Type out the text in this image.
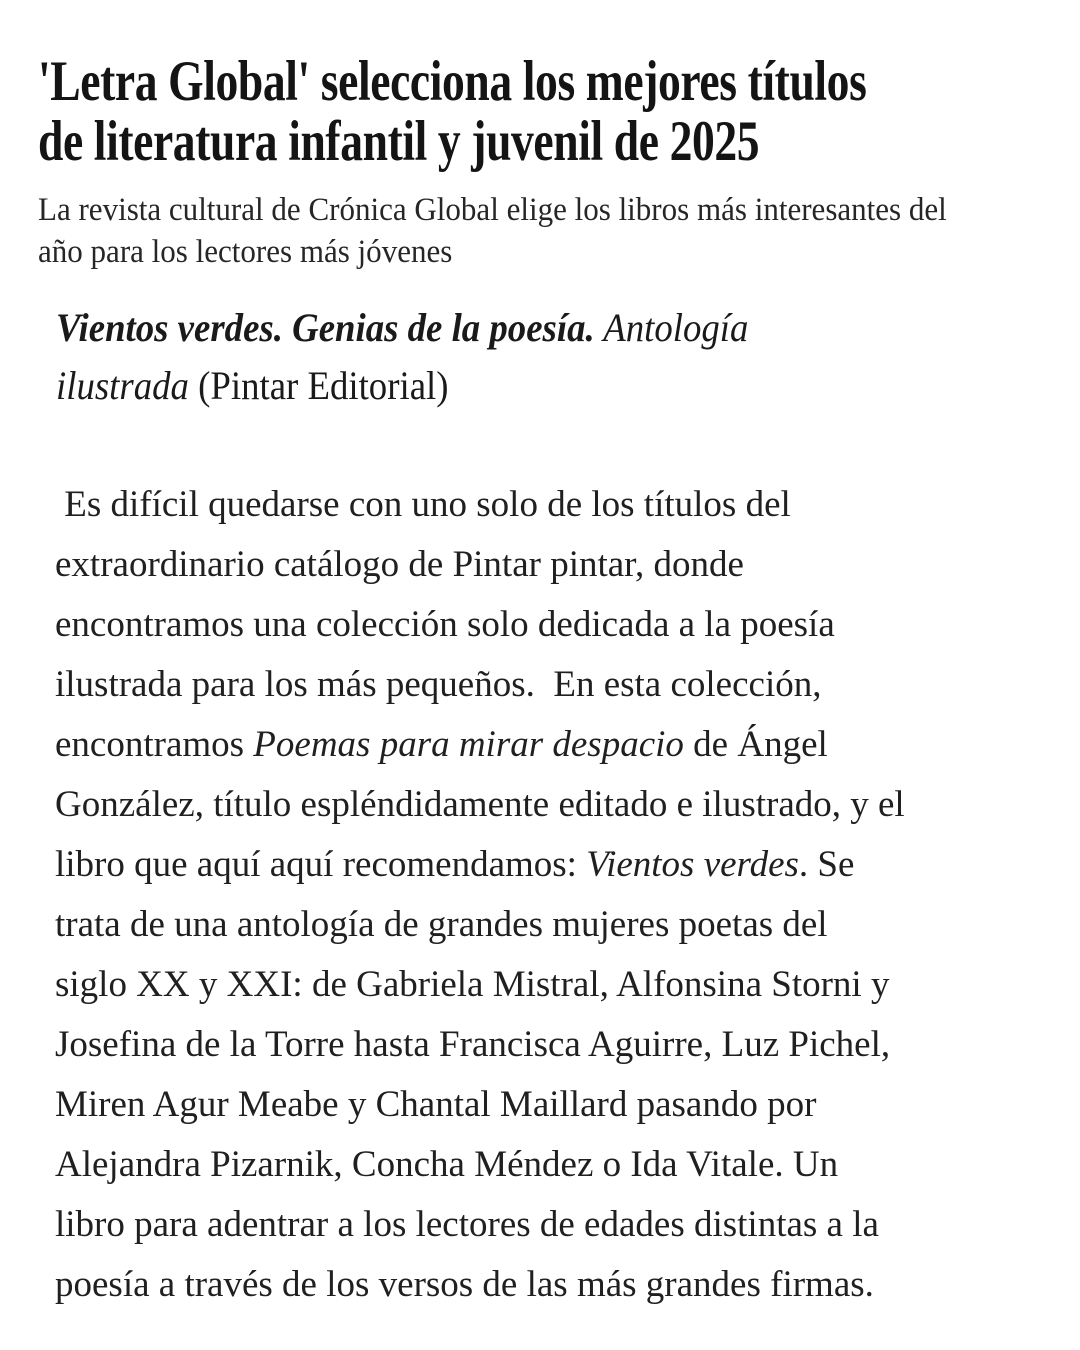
'Letra Global' selecciona los mejores títulos
de literatura infantil y juvenil de 2025
La revista cultural de Crónica Global elige los libros más interesantes del
año para los lectores más jóvenes
Vientos verdes. Genias de la poesía. Antología
ilustrada (Pintar Editorial)
Es difícil quedarse con uno solo de los títulos del
extraordinario catálogo de Pintar pintar, donde
encontramos una colección solo dedicada a la poesía
ilustrada para los más pequeños.  En esta colección,
encontramos Poemas para mirar despacio de Ángel
González, título espléndidamente editado e ilustrado, y el
libro que aquí aquí recomendamos: Vientos verdes. Se
trata de una antología de grandes mujeres poetas del
siglo XX y XXI: de Gabriela Mistral, Alfonsina Storni y
Josefina de la Torre hasta Francisca Aguirre, Luz Pichel,
Miren Agur Meabe y Chantal Maillard pasando por
Alejandra Pizarnik, Concha Méndez o Ida Vitale. Un
libro para adentrar a los lectores de edades distintas a la
poesía a través de los versos de las más grandes firmas.
